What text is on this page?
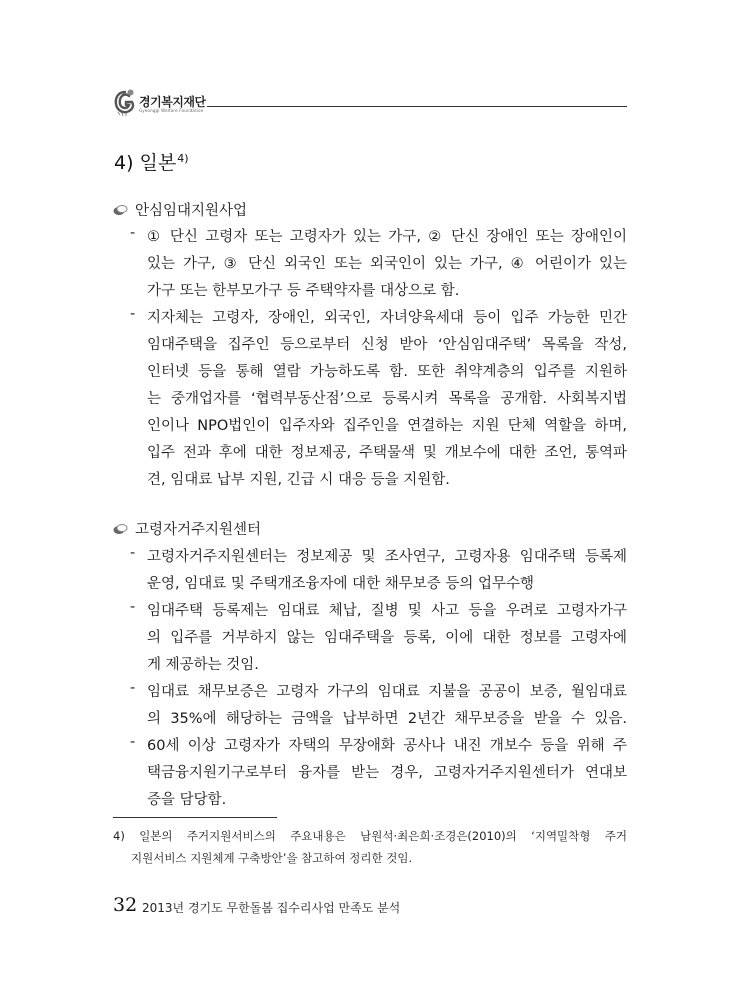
경기복지재단
Gyeonggi Welfare Foundation
4) 일본$^{4)}$
안심임대지원사업
- ① 단신 고령자 또는 고령자가 있는 가구, ② 단신 장애인 또는 장애인이
있는 가구, ③ 단신 외국인 또는 외국인이 있는 가구, ④ 어린이가 있는
가구 또는 한부모가구 등 주택약자를 대상으로 함.
- 지자체는 고령자, 장애인, 외국인, 자녀양육세대 등이 입주 가능한 민간
임대주택을 집주인 등으로부터 신청 받아 ‘안심임대주택’ 목록을 작성,
인터넷 등을 통해 열람 가능하도록 함. 또한 취약계층의 입주를 지원하
는 중개업자를 ‘협력부동산점’으로 등록시켜 목록을 공개함. 사회복지법
인이나 NPO법인이 입주자와 집주인을 연결하는 지원 단체 역할을 하며,
입주 전과 후에 대한 정보제공, 주택물색 및 개보수에 대한 조언, 통역파
견, 임대료 납부 지원, 긴급 시 대응 등을 지원함.
고령자거주지원센터
- 고령자거주지원센터는 정보제공 및 조사연구, 고령자용 임대주택 등록제
운영, 임대료 및 주택개조융자에 대한 채무보증 등의 업무수행
- 임대주택 등록제는 임대료 체납, 질병 및 사고 등을 우려로 고령자가구
의 입주를 거부하지 않는 임대주택을 등록, 이에 대한 정보를 고령자에
게 제공하는 것임.
- 임대료 채무보증은 고령자 가구의 임대료 지불을 공공이 보증, 월임대료
의 35%에 해당하는 금액을 납부하면 2년간 채무보증을 받을 수 있음.
- 60세 이상 고령자가 자택의 무장애화 공사나 내진 개보수 등을 위해 주
택금융지원기구로부터 융자를 받는 경우, 고령자거주지원센터가 연대보
증을 담당함.
4) 일본의 주거지원서비스의 주요내용은 남원석·최은희·조경은(2010)의 ‘지역밀착형 주거
지원서비스 지원체계 구축방안’을 참고하여 정리한 것임.
32 2013년 경기도 무한돌봄 집수리사업 만족도 분석
